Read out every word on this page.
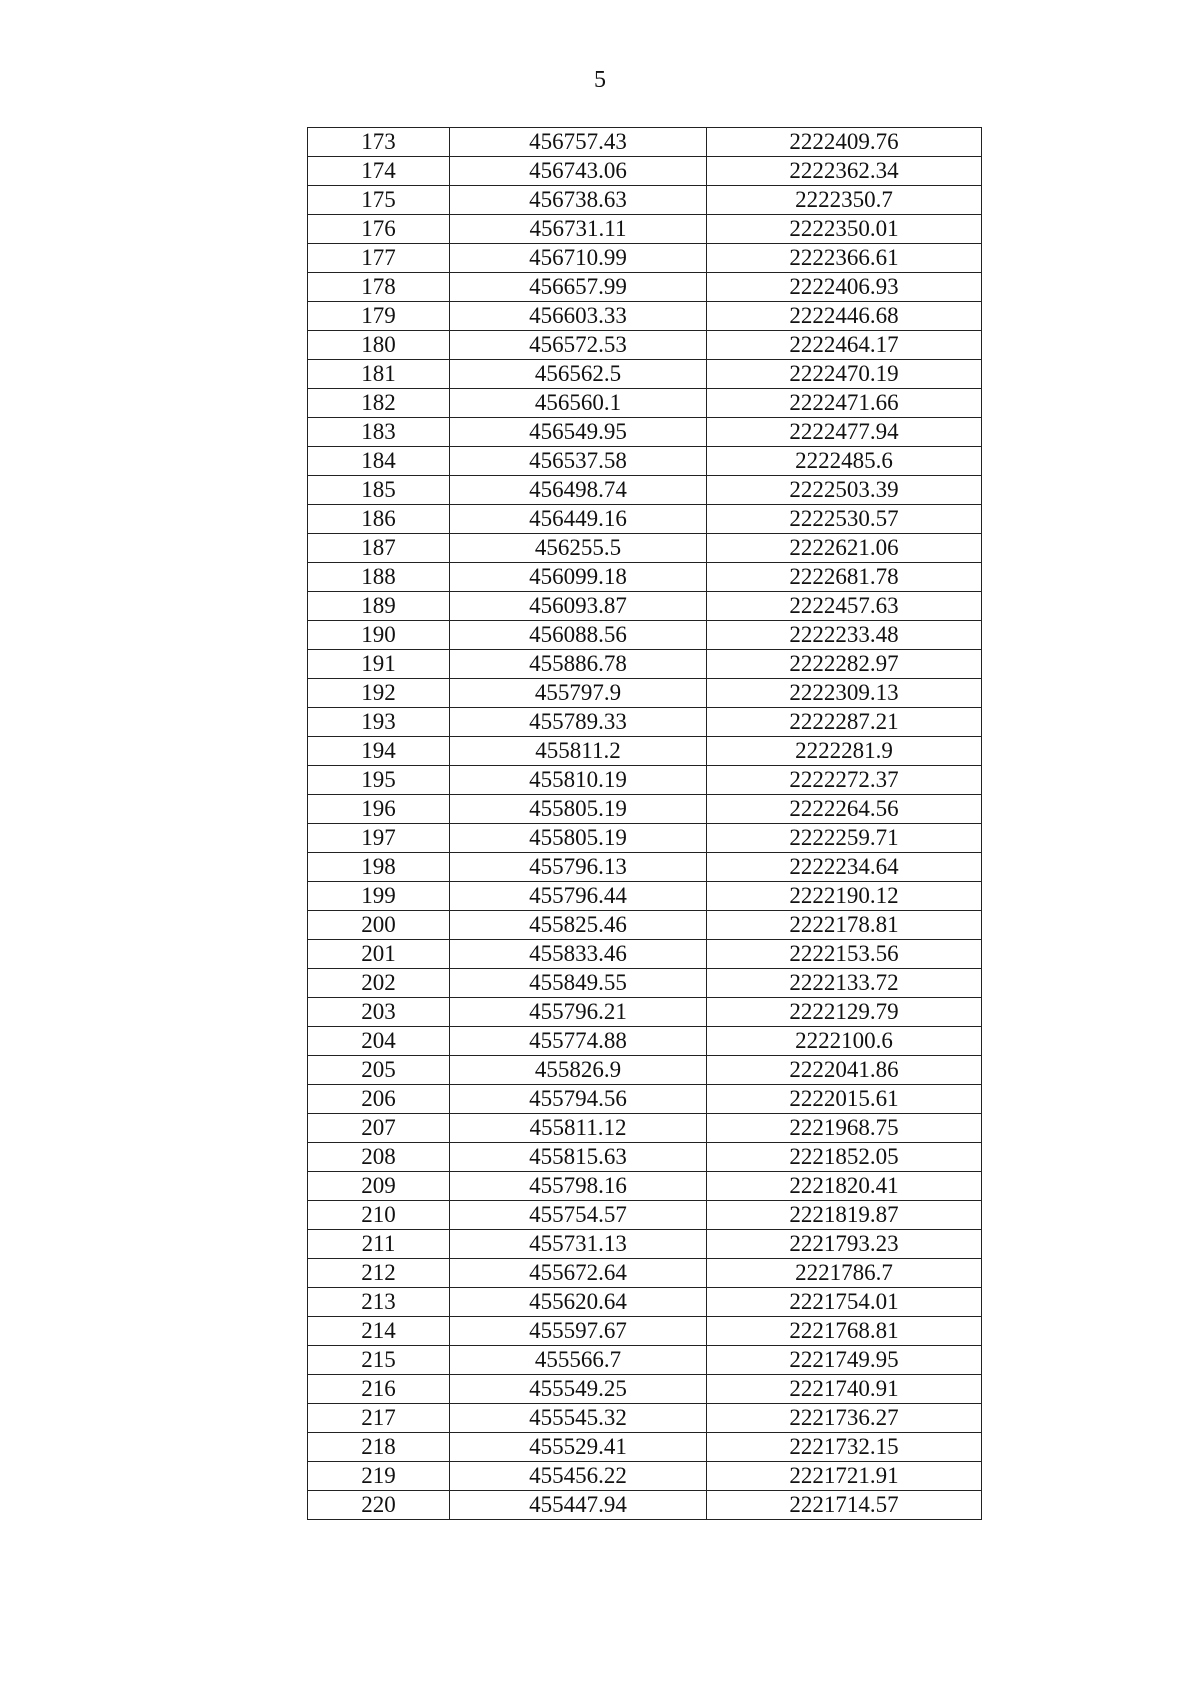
5
173	456757.43	2222409.76
174	456743.06	2222362.34
175	456738.63	2222350.7
176	456731.11	2222350.01
177	456710.99	2222366.61
178	456657.99	2222406.93
179	456603.33	2222446.68
180	456572.53	2222464.17
181	456562.5	2222470.19
182	456560.1	2222471.66
183	456549.95	2222477.94
184	456537.58	2222485.6
185	456498.74	2222503.39
186	456449.16	2222530.57
187	456255.5	2222621.06
188	456099.18	2222681.78
189	456093.87	2222457.63
190	456088.56	2222233.48
191	455886.78	2222282.97
192	455797.9	2222309.13
193	455789.33	2222287.21
194	455811.2	2222281.9
195	455810.19	2222272.37
196	455805.19	2222264.56
197	455805.19	2222259.71
198	455796.13	2222234.64
199	455796.44	2222190.12
200	455825.46	2222178.81
201	455833.46	2222153.56
202	455849.55	2222133.72
203	455796.21	2222129.79
204	455774.88	2222100.6
205	455826.9	2222041.86
206	455794.56	2222015.61
207	455811.12	2221968.75
208	455815.63	2221852.05
209	455798.16	2221820.41
210	455754.57	2221819.87
211	455731.13	2221793.23
212	455672.64	2221786.7
213	455620.64	2221754.01
214	455597.67	2221768.81
215	455566.7	2221749.95
216	455549.25	2221740.91
217	455545.32	2221736.27
218	455529.41	2221732.15
219	455456.22	2221721.91
220	455447.94	2221714.57
